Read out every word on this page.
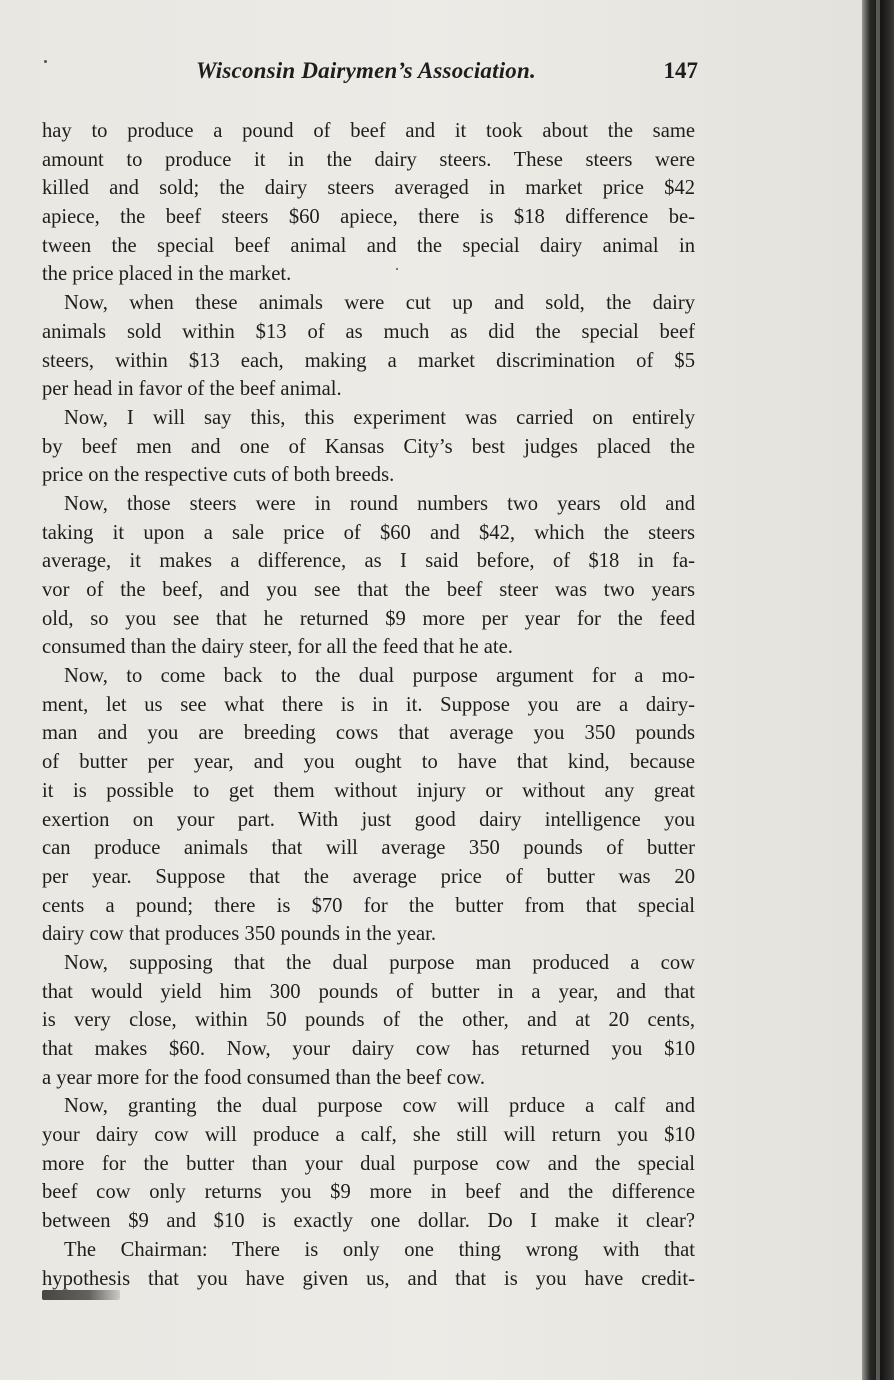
Wisconsin Dairymen’s Association.	147
hay to produce a pound of beef and it took about the same
amount to produce it in the dairy steers. These steers were
killed and sold; the dairy steers averaged in market price $42
apiece, the beef steers $60 apiece, there is $18 difference be-
tween the special beef animal and the special dairy animal in
the price placed in the market.
Now, when these animals were cut up and sold, the dairy
animals sold within $13 of as much as did the special beef
steers, within $13 each, making a market discrimination of $5
per head in favor of the beef animal.
Now, I will say this, this experiment was carried on entirely
by beef men and one of Kansas City’s best judges placed the
price on the respective cuts of both breeds.
Now, those steers were in round numbers two years old and
taking it upon a sale price of $60 and $42, which the steers
average, it makes a difference, as I said before, of $18 in fa-
vor of the beef, and you see that the beef steer was two years
old, so you see that he returned $9 more per year for the feed
consumed than the dairy steer, for all the feed that he ate.
Now, to come back to the dual purpose argument for a mo-
ment, let us see what there is in it. Suppose you are a dairy-
man and you are breeding cows that average you 350 pounds
of butter per year, and you ought to have that kind, because
it is possible to get them without injury or without any great
exertion on your part. With just good dairy intelligence you
can produce animals that will average 350 pounds of butter
per year. Suppose that the average price of butter was 20
cents a pound; there is $70 for the butter from that special
dairy cow that produces 350 pounds in the year.
Now, supposing that the dual purpose man produced a cow
that would yield him 300 pounds of butter in a year, and that
is very close, within 50 pounds of the other, and at 20 cents,
that makes $60. Now, your dairy cow has returned you $10
a year more for the food consumed than the beef cow.
Now, granting the dual purpose cow will prduce a calf and
your dairy cow will produce a calf, she still will return you $10
more for the butter than your dual purpose cow and the special
beef cow only returns you $9 more in beef and the difference
between $9 and $10 is exactly one dollar. Do I make it clear?
The Chairman: There is only one thing wrong with that
hypothesis that you have given us, and that is you have credit-
